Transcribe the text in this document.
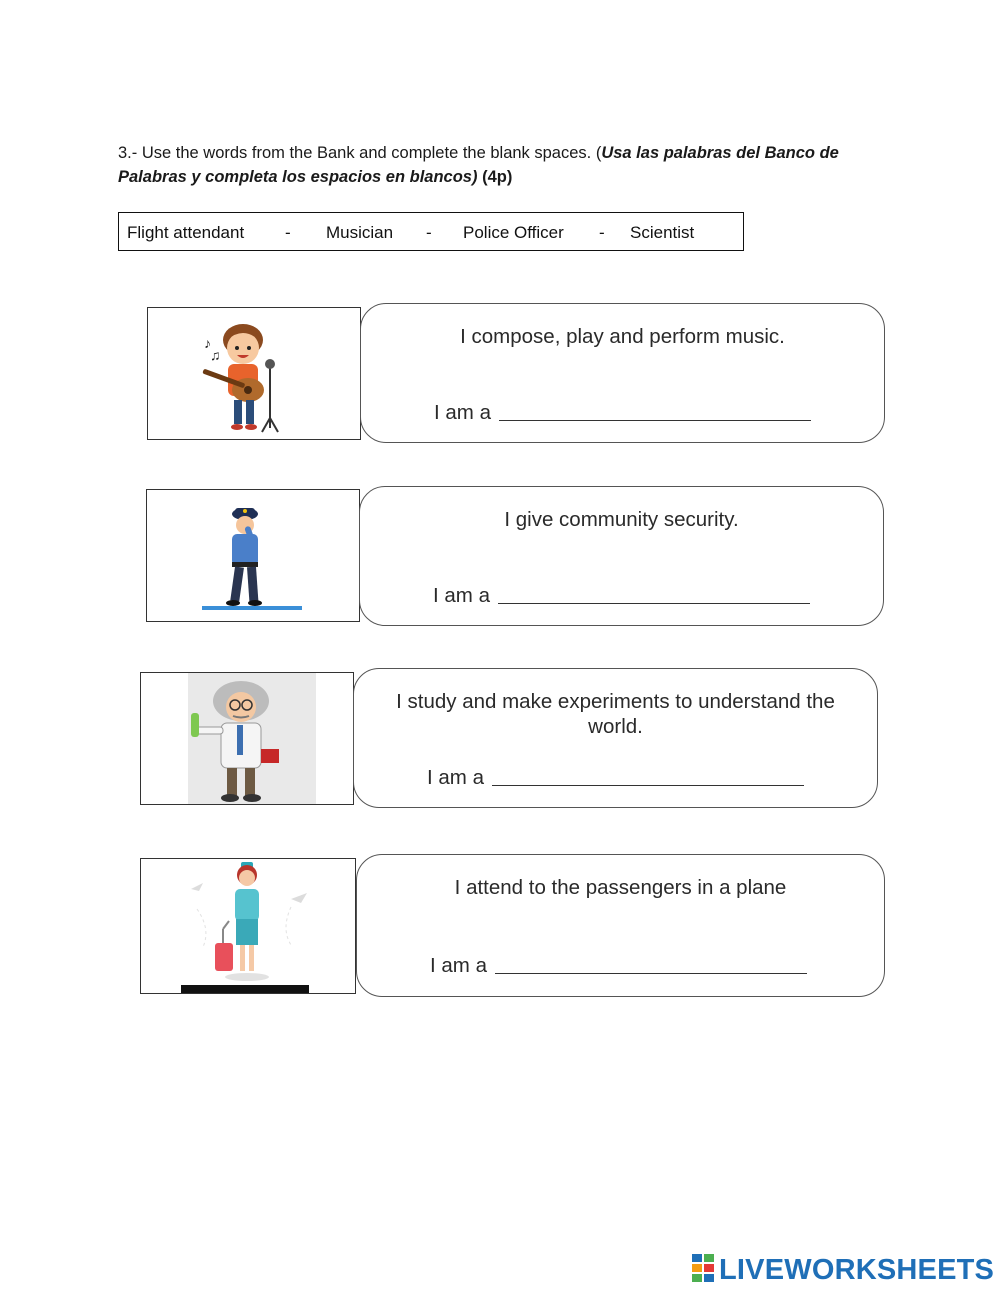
3.- Use the words from the Bank and complete the blank spaces. (Usa las palabras del Banco de Palabras y completa los espacios en blancos) (4p)
Flight attendant - Musician - Police Officer - Scientist
♪
♫
I compose, play and perform music.
I am a
I give community security.
I am a
I study and make experiments to understand the world.
I am a
I attend to the passengers in a plane
I am a
LIVEWORKSHEETS
